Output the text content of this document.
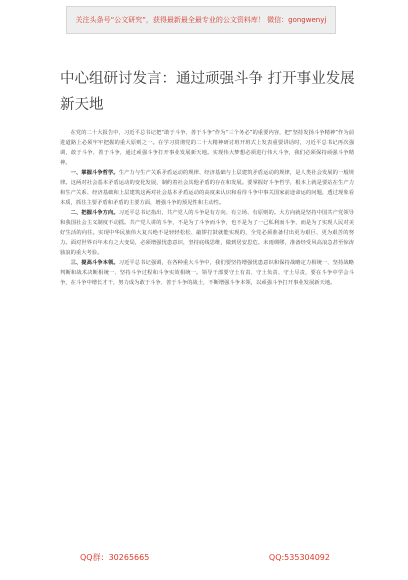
关注头条号“公文研究”，获得最新最全最专业的公文资料库！ 微信：gongwenyj
中心组研讨发言：通过顽强斗争 打开事业发展新天地

在党的二十大报告中，习近平总书记把“敢于斗争、善于斗争”作为“三个务必”的重要内容，把“坚持发扬斗争精神”作为前进道路上必须牢牢把握的重大原则之一。在学习贯彻党的二十大精神研讨班开班式上发表重要讲话时，习近平总书记再次强调，敢于斗争、善于斗争，通过顽强斗争打开事业发展新天地。实现伟大梦想必须进行伟大斗争，我们必须保持顽强斗争精神。

一、掌握斗争哲学。生产力与生产关系矛盾运动的规律、经济基础与上层建筑矛盾运动的规律，是人类社会发展的一般规律。这两对社会基本矛盾运动的变化发展，制约着社会其他矛盾的存在和发展。要掌握好斗争哲学，根本上就是要站在生产力和生产关系、经济基础和上层建筑这两对社会基本矛盾运动的高度来认识和看待斗争中事关国家前途命运的问题，透过现象看本质，抓住主要矛盾和矛盾的主要方面，增强斗争的预见性和主动性。

二、把握斗争方向。习近平总书记指出，共产党人的斗争是有方向、有立场、有原则的。大方向就是坚持中国共产党领导和我国社会主义制度不动摇。共产党人讲的斗争，不是为了斗争而斗争，也不是为了一己私利而斗争，而是为了实现人民对美好生活的向往。实现中华民族伟大复兴绝不是轻轻松松、敲锣打鼓就能实现的，全党必须准备付出更为艰巨、更为艰苦的努力。面对世界百年未有之大变局，必须增强忧患意识，坚持底线思维，做到居安思危、未雨绸缪，准备经受风高浪急甚至惊涛骇浪的重大考验。

三、提高斗争本领。习近平总书记强调，在各种重大斗争中，我们要坚持增强忧患意识和保持战略定力相统一、坚持战略判断和战术决断相统一、坚持斗争过程和斗争实效相统一。领导干部要守土有责、守土负责、守土尽责，要在斗争中学会斗争，在斗争中增长才干，努力成为敢于斗争、善于斗争的战士，不断增强斗争本领，以顽强斗争打开事业发展新天地。

QQ群：30265665	QQ:535304092
